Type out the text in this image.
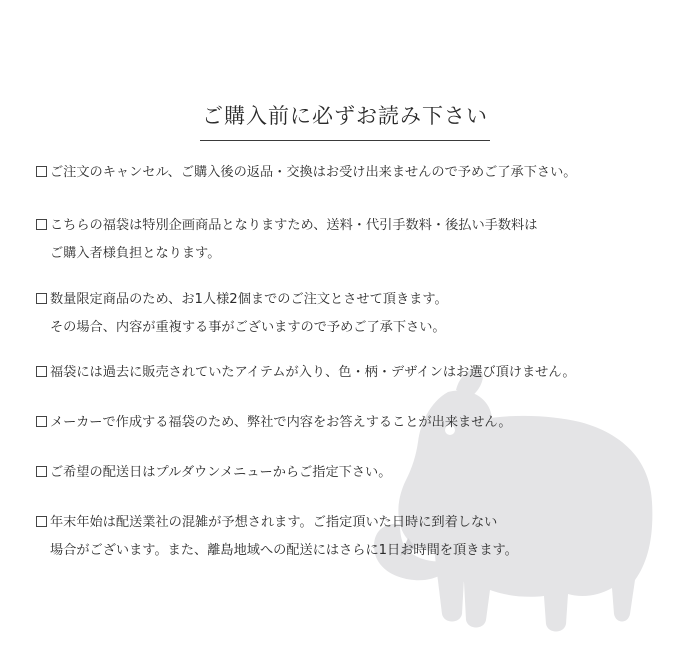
ご購入前に必ずお読み下さい
ご注文のキャンセル、ご購入後の返品・交換はお受け出来ませんので予めご了承下さい。
こちらの福袋は特別企画商品となりますため、送料・代引手数料・後払い手数料は
ご購入者様負担となります。
数量限定商品のため、お1人様2個までのご注文とさせて頂きます。
その場合、内容が重複する事がございますので予めご了承下さい。
福袋には過去に販売されていたアイテムが入り、色・柄・デザインはお選び頂けません。
メーカーで作成する福袋のため、弊社で内容をお答えすることが出来ません。
ご希望の配送日はプルダウンメニューからご指定下さい。
年末年始は配送業社の混雑が予想されます。ご指定頂いた日時に到着しない
場合がございます。また、離島地域への配送にはさらに1日お時間を頂きます。
